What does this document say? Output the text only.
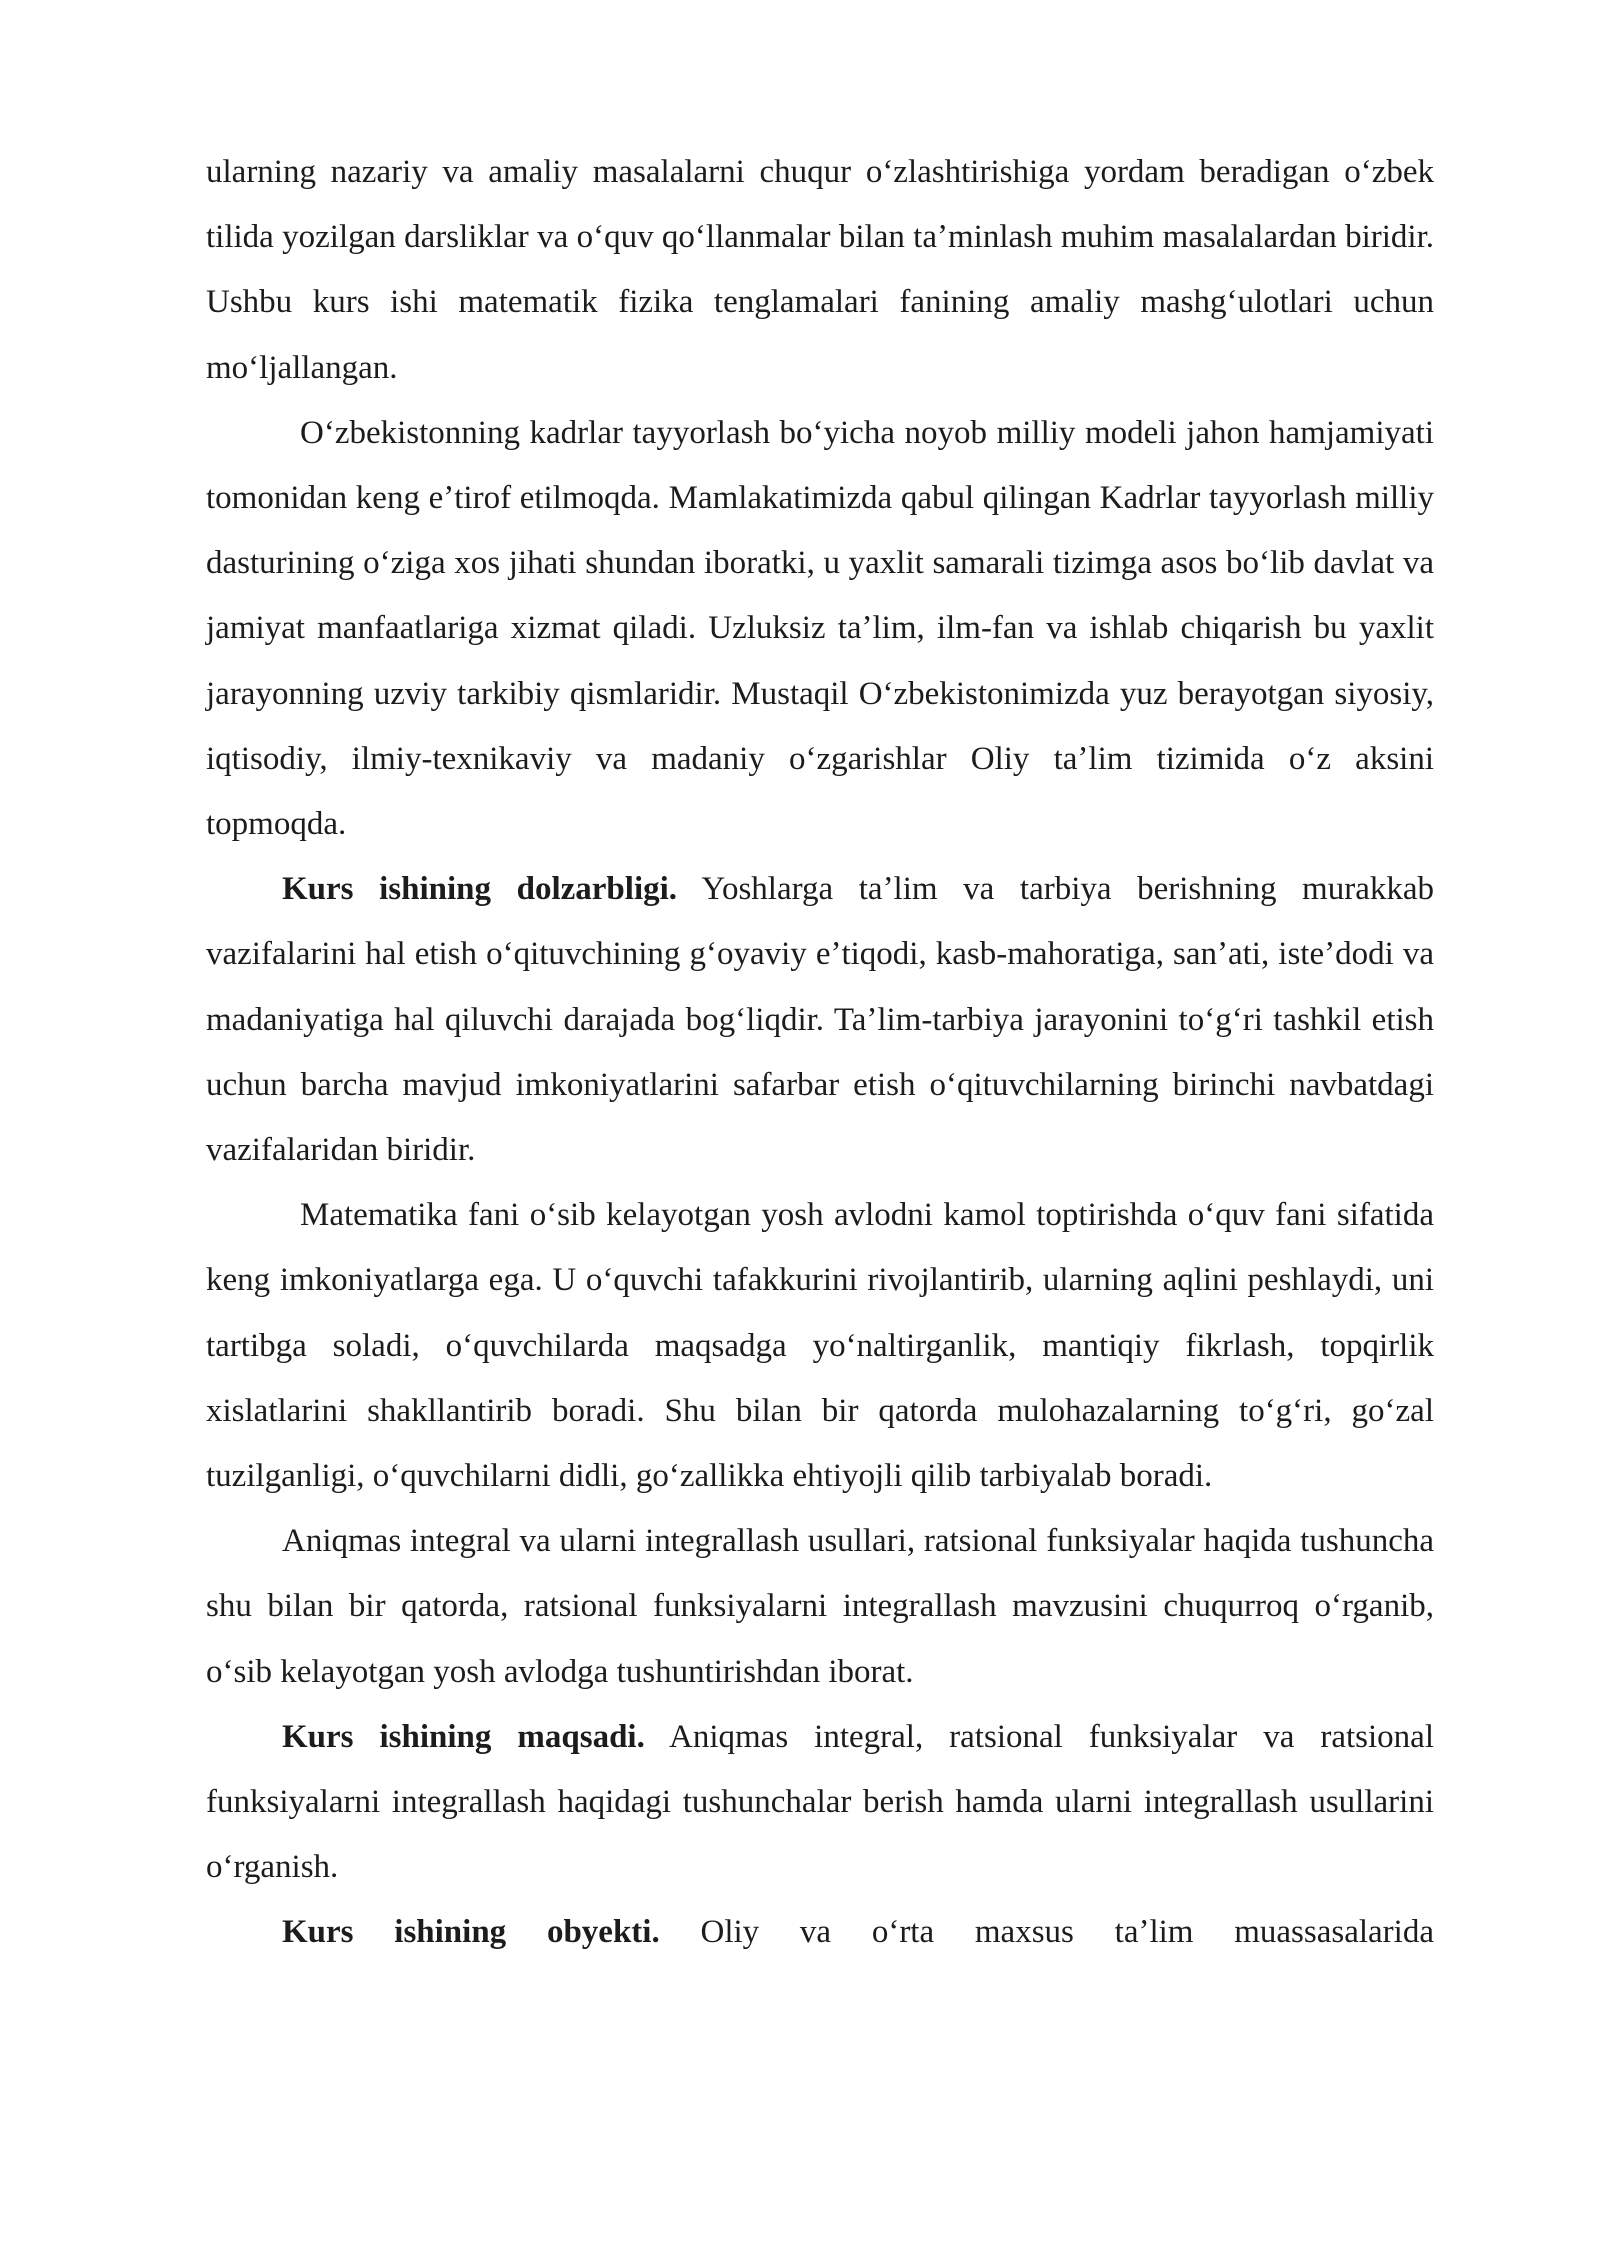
ularning nazariy va amaliy masalalarni chuqur oʻzlashtirishiga yordam beradigan oʻzbek tilida yozilgan darsliklar va oʻquv qoʻllanmalar bilan taʼminlash muhim masalalardan biridir. Ushbu kurs ishi matematik fizika tenglamalari fanining amaliy mashgʻulotlari uchun moʻljallangan.

Oʻzbekistonning kadrlar tayyorlash boʻyicha noyob milliy modeli jahon hamjamiyati tomonidan keng eʼtirof etilmoqda. Mamlakatimizda qabul qilingan Kadrlar tayyorlash milliy dasturining oʻziga xos jihati shundan iboratki, u yaxlit samarali tizimga asos boʻlib davlat va jamiyat manfaatlariga xizmat qiladi. Uzluksiz taʼlim, ilm-fan va ishlab chiqarish bu yaxlit jarayonning uzviy tarkibiy qismlaridir. Mustaqil Oʻzbekistonimizda yuz berayotgan siyosiy, iqtisodiy, ilmiy-texnikaviy va madaniy oʻzgarishlar Oliy taʼlim tizimida oʻz aksini topmoqda.

Kurs ishining dolzarbligi. Yoshlarga taʼlim va tarbiya berishning murakkab vazifalarini hal etish oʻqituvchining gʻoyaviy eʼtiqodi, kasb-mahoratiga, sanʼati, isteʼdodi va madaniyatiga hal qiluvchi darajada bogʻliqdir. Taʼlim-tarbiya jarayonini toʻgʻri tashkil etish uchun barcha mavjud imkoniyatlarini safarbar etish oʻqituvchilarning birinchi navbatdagi vazifalaridan biridir.

Matematika fani oʻsib kelayotgan yosh avlodni kamol toptirishda oʻquv fani sifatida keng imkoniyatlarga ega. U oʻquvchi tafakkurini rivojlantirib, ularning aqlini peshlaydi, uni tartibga soladi, oʻquvchilarda maqsadga yoʻnaltirganlik, mantiqiy fikrlash, topqirlik xislatlarini shakllantirib boradi. Shu bilan bir qatorda mulohazalarning toʻgʻri, goʻzal tuzilganligi, oʻquvchilarni didli, goʻzallikka ehtiyojli qilib tarbiyalab boradi.

Aniqmas integral va ularni integrallash usullari, ratsional funksiyalar haqida tushuncha shu bilan bir qatorda, ratsional funksiyalarni integrallash mavzusini chuqurroq oʻrganib, oʻsib kelayotgan yosh avlodga tushuntirishdan iborat.

Kurs ishining maqsadi. Aniqmas integral, ratsional funksiyalar va ratsional funksiyalarni integrallash haqidagi tushunchalar berish hamda ularni integrallash usullarini oʻrganish.

Kurs ishining obyekti. Oliy va oʻrta maxsus taʼlim muassasalarida
